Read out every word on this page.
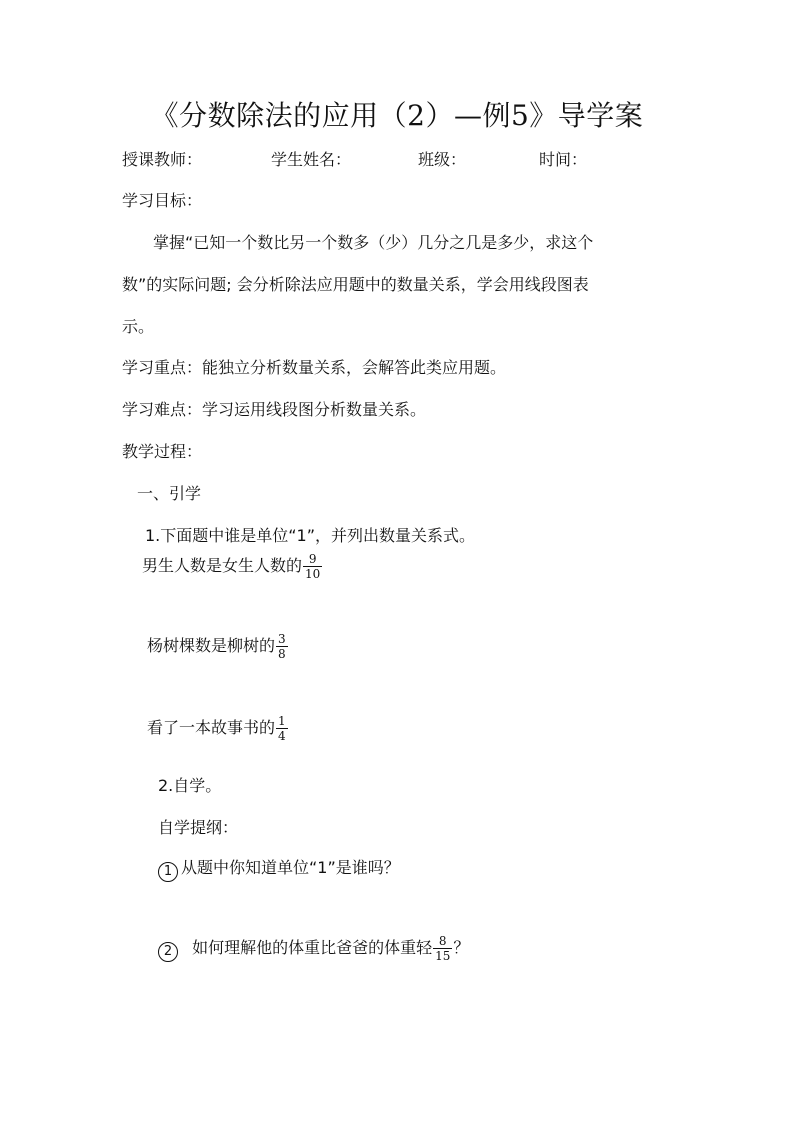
《分数除法的应用（2）—例5》导学案
授课教师：	学生姓名：	班级：	时间：
学习目标：
掌握“已知一个数比另一个数多（少）几分之几是多少，求这个
数”的实际问题; 会分析除法应用题中的数量关系，学会用线段图表
示。
学习重点：能独立分析数量关系，会解答此类应用题。
学习难点：学习运用线段图分析数量关系。
教学过程：
一、引学
1.下面题中谁是单位“1”，并列出数量关系式。
男生人数是女生人数的 $\frac{9}{10}$
杨树棵数是柳树的 $\frac{3}{8}$
看了一本故事书的 $\frac{1}{4}$
2.自学。
自学提纲：
1 从题中你知道单位“1”是谁吗？
2 如何理解他的体重比爸爸的体重轻 $\frac{8}{15}$ ？
